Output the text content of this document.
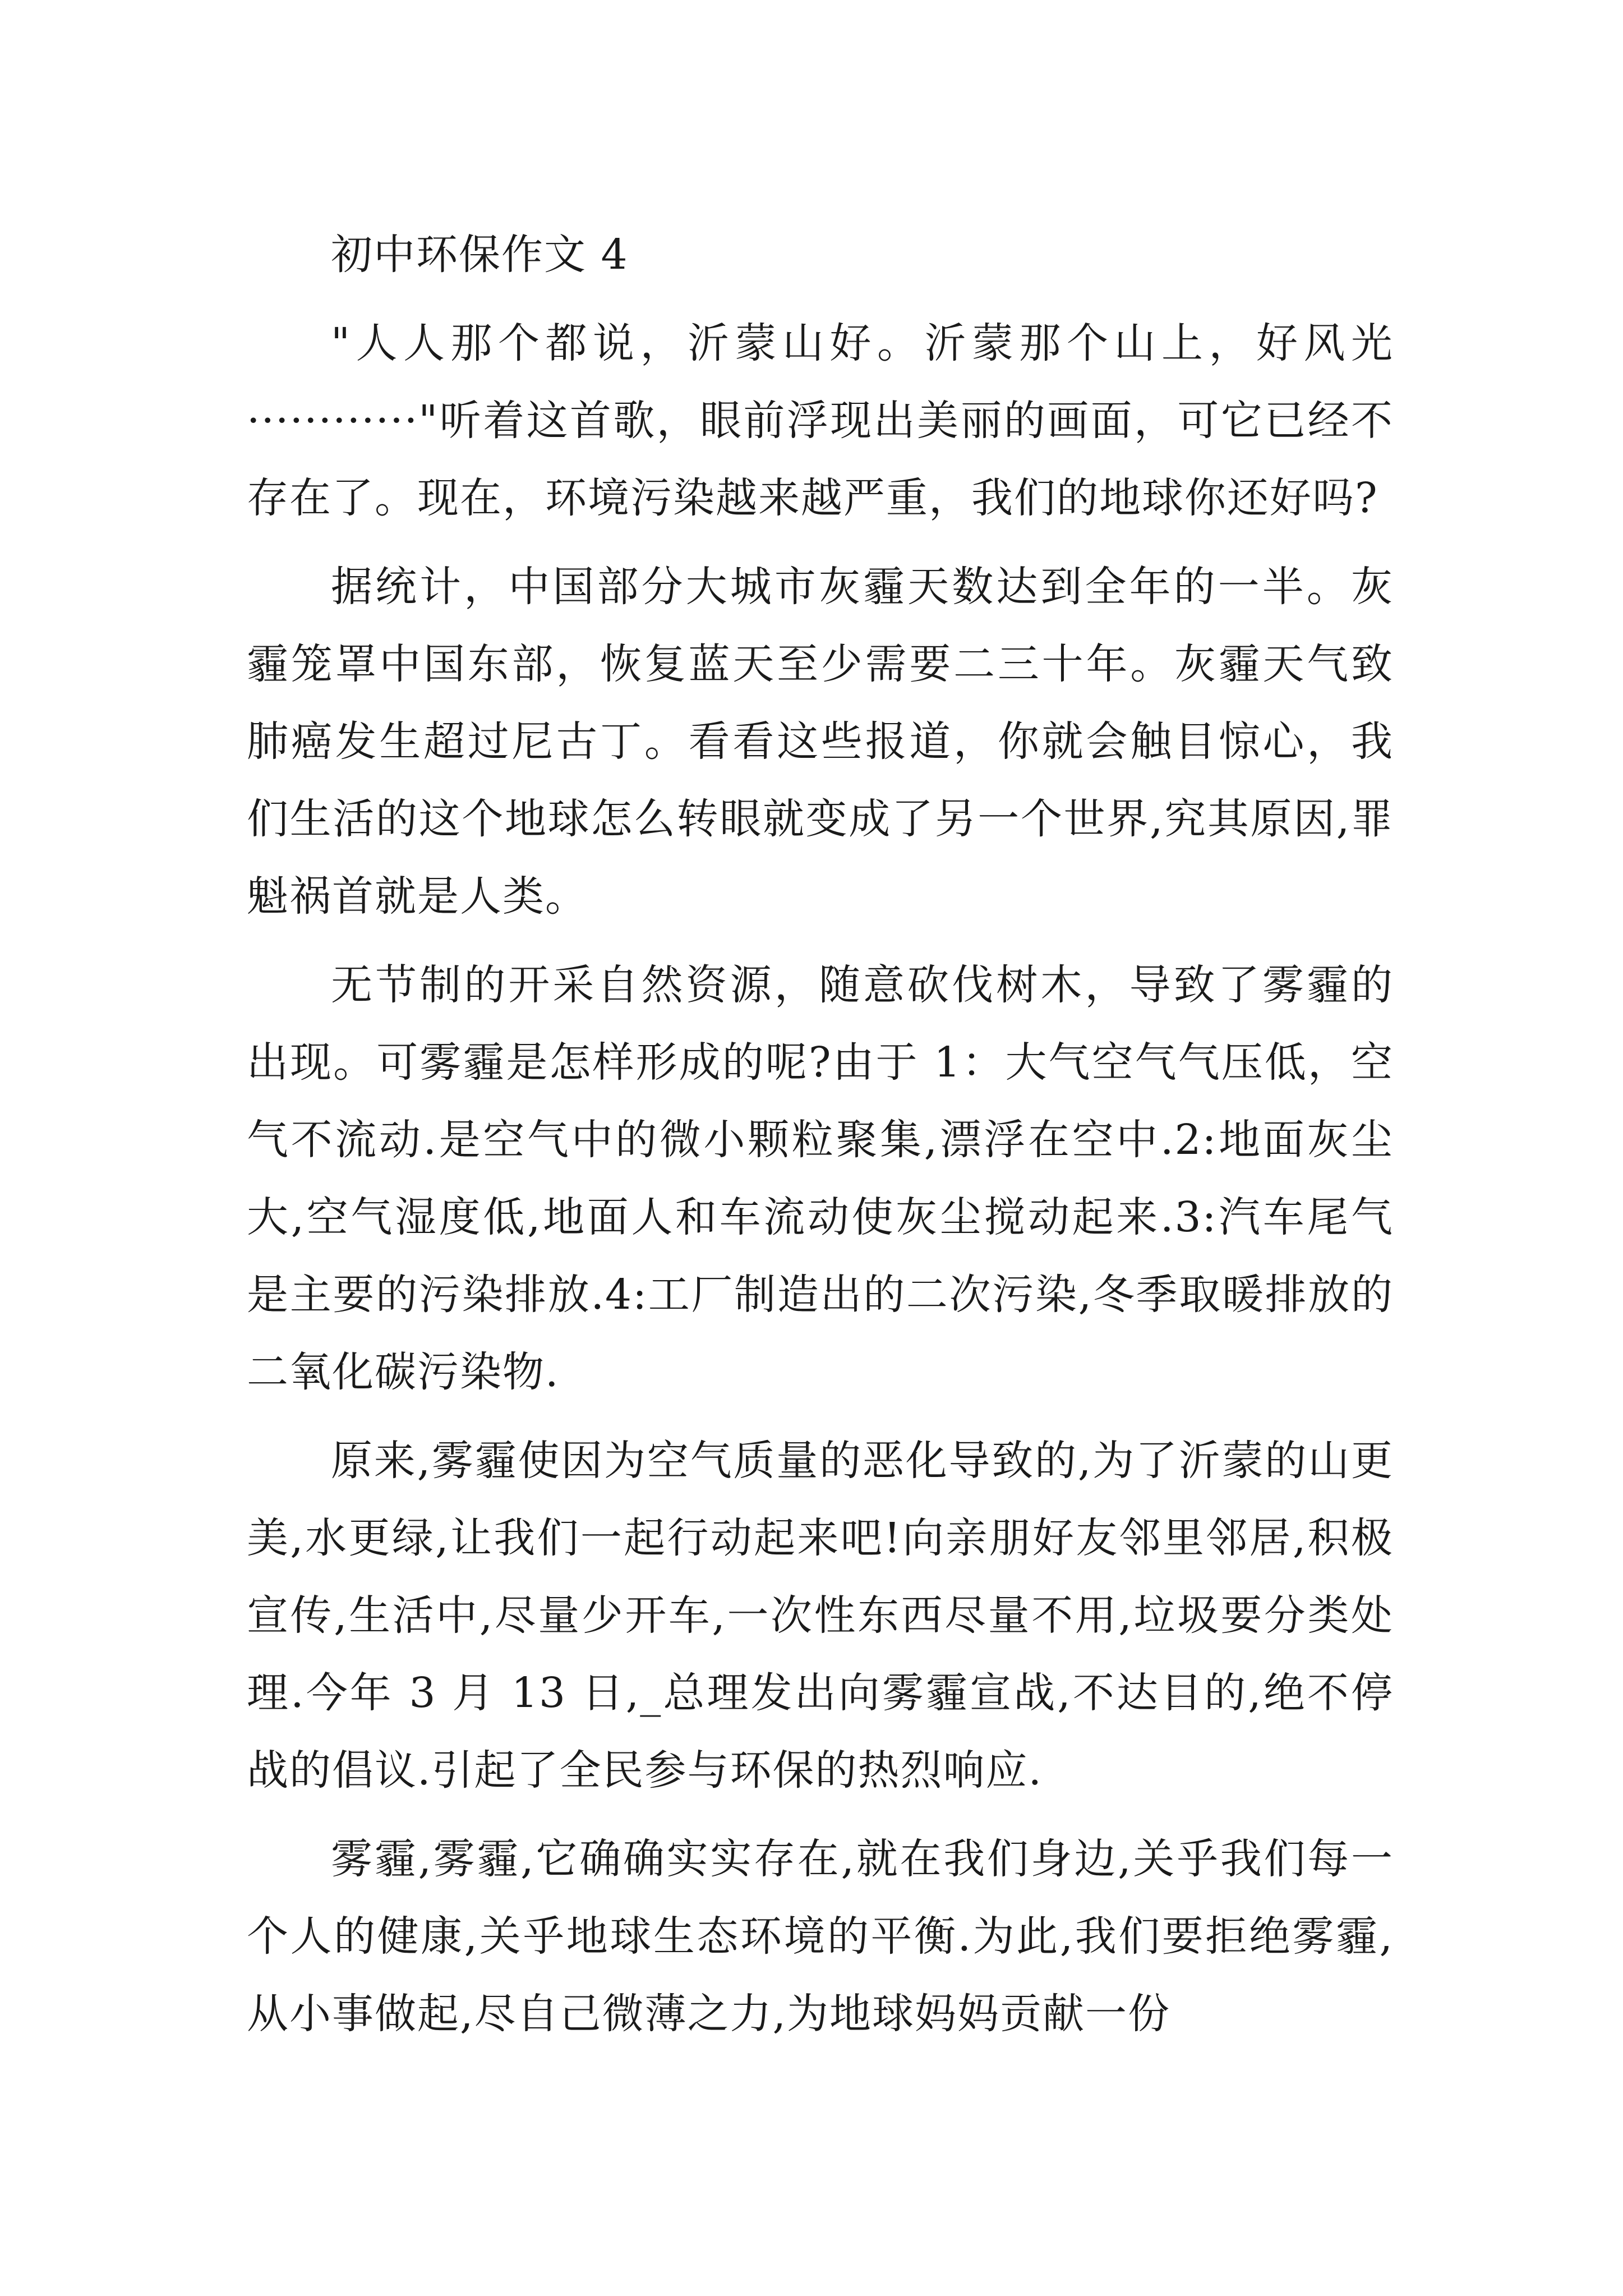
初中环保作文 4

"人人那个都说，沂蒙山好。沂蒙那个山上，好风光············"听着这首歌，眼前浮现出美丽的画面，可它已经不存在了。现在，环境污染越来越严重，我们的地球你还好吗?

据统计，中国部分大城市灰霾天数达到全年的一半。灰霾笼罩中国东部，恢复蓝天至少需要二三十年。灰霾天气致肺癌发生超过尼古丁。看看这些报道，你就会触目惊心，我们生活的这个地球怎么转眼就变成了另一个世界,究其原因,罪魁祸首就是人类。

无节制的开采自然资源，随意砍伐树木，导致了雾霾的出现。可雾霾是怎样形成的呢?由于 1：大气空气气压低，空气不流动.是空气中的微小颗粒聚集,漂浮在空中.2:地面灰尘大,空气湿度低,地面人和车流动使灰尘搅动起来.3:汽车尾气是主要的污染排放.4:工厂制造出的二次污染,冬季取暖排放的二氧化碳污染物.

原来,雾霾使因为空气质量的恶化导致的,为了沂蒙的山更美,水更绿,让我们一起行动起来吧!向亲朋好友邻里邻居,积极宣传,生活中,尽量少开车,一次性东西尽量不用,垃圾要分类处理.今年 3 月 13 日,_总理发出向雾霾宣战,不达目的,绝不停战的倡议.引起了全民参与环保的热烈响应.

雾霾,雾霾,它确确实实存在,就在我们身边,关乎我们每一个人的健康,关乎地球生态环境的平衡.为此,我们要拒绝雾霾,从小事做起,尽自己微薄之力,为地球妈妈贡献一份
